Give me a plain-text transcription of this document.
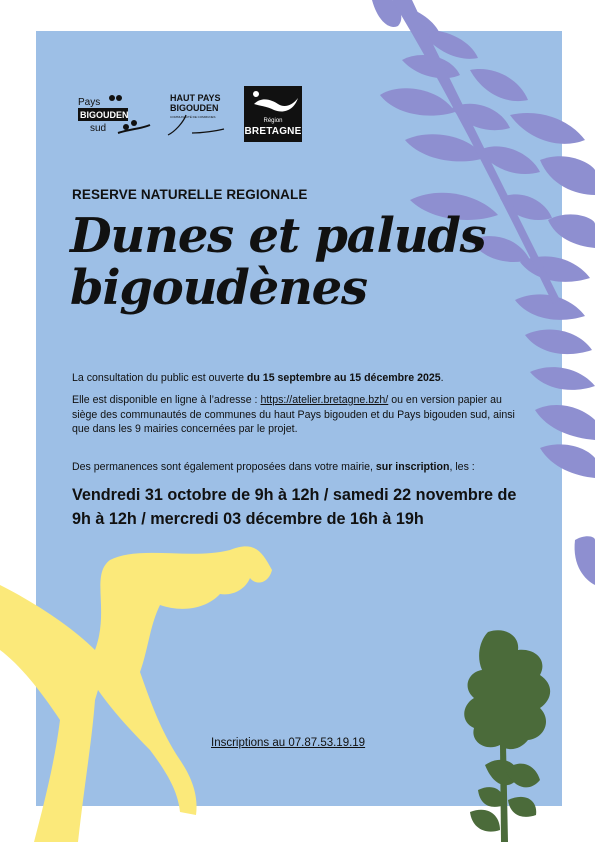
Pays
BIGOUDEN
sud
HAUT PAYS
BIGOUDEN
COMMUNAUTÉ DE COMMUNES
Région
BRETAGNE
RESERVE NATURELLE REGIONALE
Dunes et paluds bigoudènes

La consultation du public est ouverte du 15 septembre au 15 décembre 2025.

Elle est disponible en ligne à l’adresse : https://atelier.bretagne.bzh/ ou en version papier au siège des communautés de communes du haut Pays bigouden et du Pays bigouden sud, ainsi que dans les 9 mairies concernées par le projet.

Des permanences sont également proposées dans votre mairie, sur inscription, les :

Vendredi 31 octobre de 9h à 12h / samedi 22 novembre de 9h à 12h / mercredi 03 décembre de 16h à 19h

Inscriptions au 07.87.53.19.19
